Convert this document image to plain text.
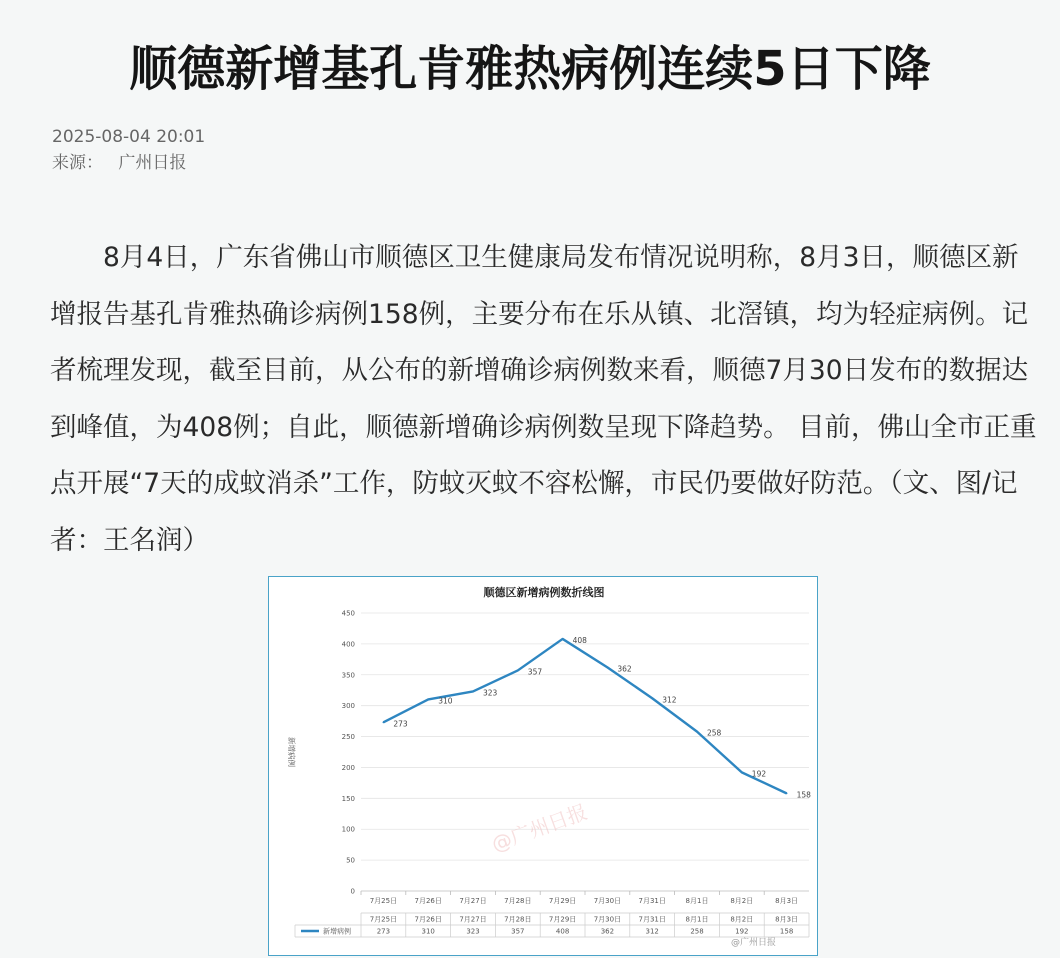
顺德新增基孔肯雅热病例连续5日下降
2025-08-04 20:01
来源： 广州日报

8月4日，广东省佛山市顺德区卫生健康局发布情况说明称，8月3日，顺德区新增报告基孔肯雅热确诊病例158例，主要分布在乐从镇、北滘镇，均为轻症病例。记者梳理发现，截至目前，从公布的新增确诊病例数来看，顺德7月30日发布的数据达到峰值，为408例；自此，顺德新增确诊病例数呈现下降趋势。 目前，佛山全市正重点开展“7天的成蚊消杀”工作，防蚊灭蚊不容松懈，市民仍要做好防范。（文、图/记者：王名润）

顺德区新增病例数折线图
0
50
100
150
200
250
300
350
400
450
新增病例
7月25日 7月26日 7月27日 7月28日 7月29日 7月30日 7月31日	8月1日	8月2日	8月3日
273
310
323
357
408
362
312
258
192
158
7月25日 7月26日 7月27日 7月28日 7月29日 7月30日 7月31日	8月1日	8月2日	8月3日
新增病例	273	310	323	357	408	362	312	258	192	158
@广州日报
@广州日报
